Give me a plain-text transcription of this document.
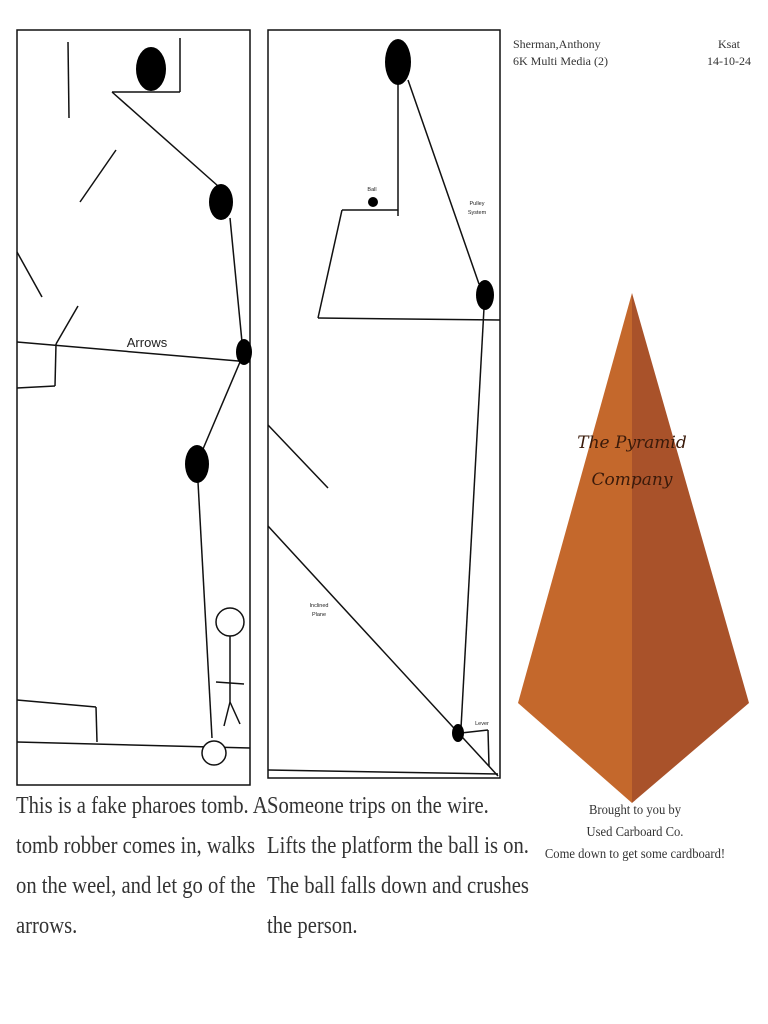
Arrows
Ball
Pulley
System
Inclined
Plane
Lever
The Pyramid
Company
Sherman,Anthony
6K Multi Media (2)
Ksat
14-10-24
This is a fake pharoes tomb. A
tomb robber comes in, walks
on the weel, and let go of the
arrows.
Someone trips on the wire.
Lifts the platform the ball is on.
The ball falls down and crushes
the person.
Brought to you by
Used Carboard Co.
Come down to get some cardboard!
